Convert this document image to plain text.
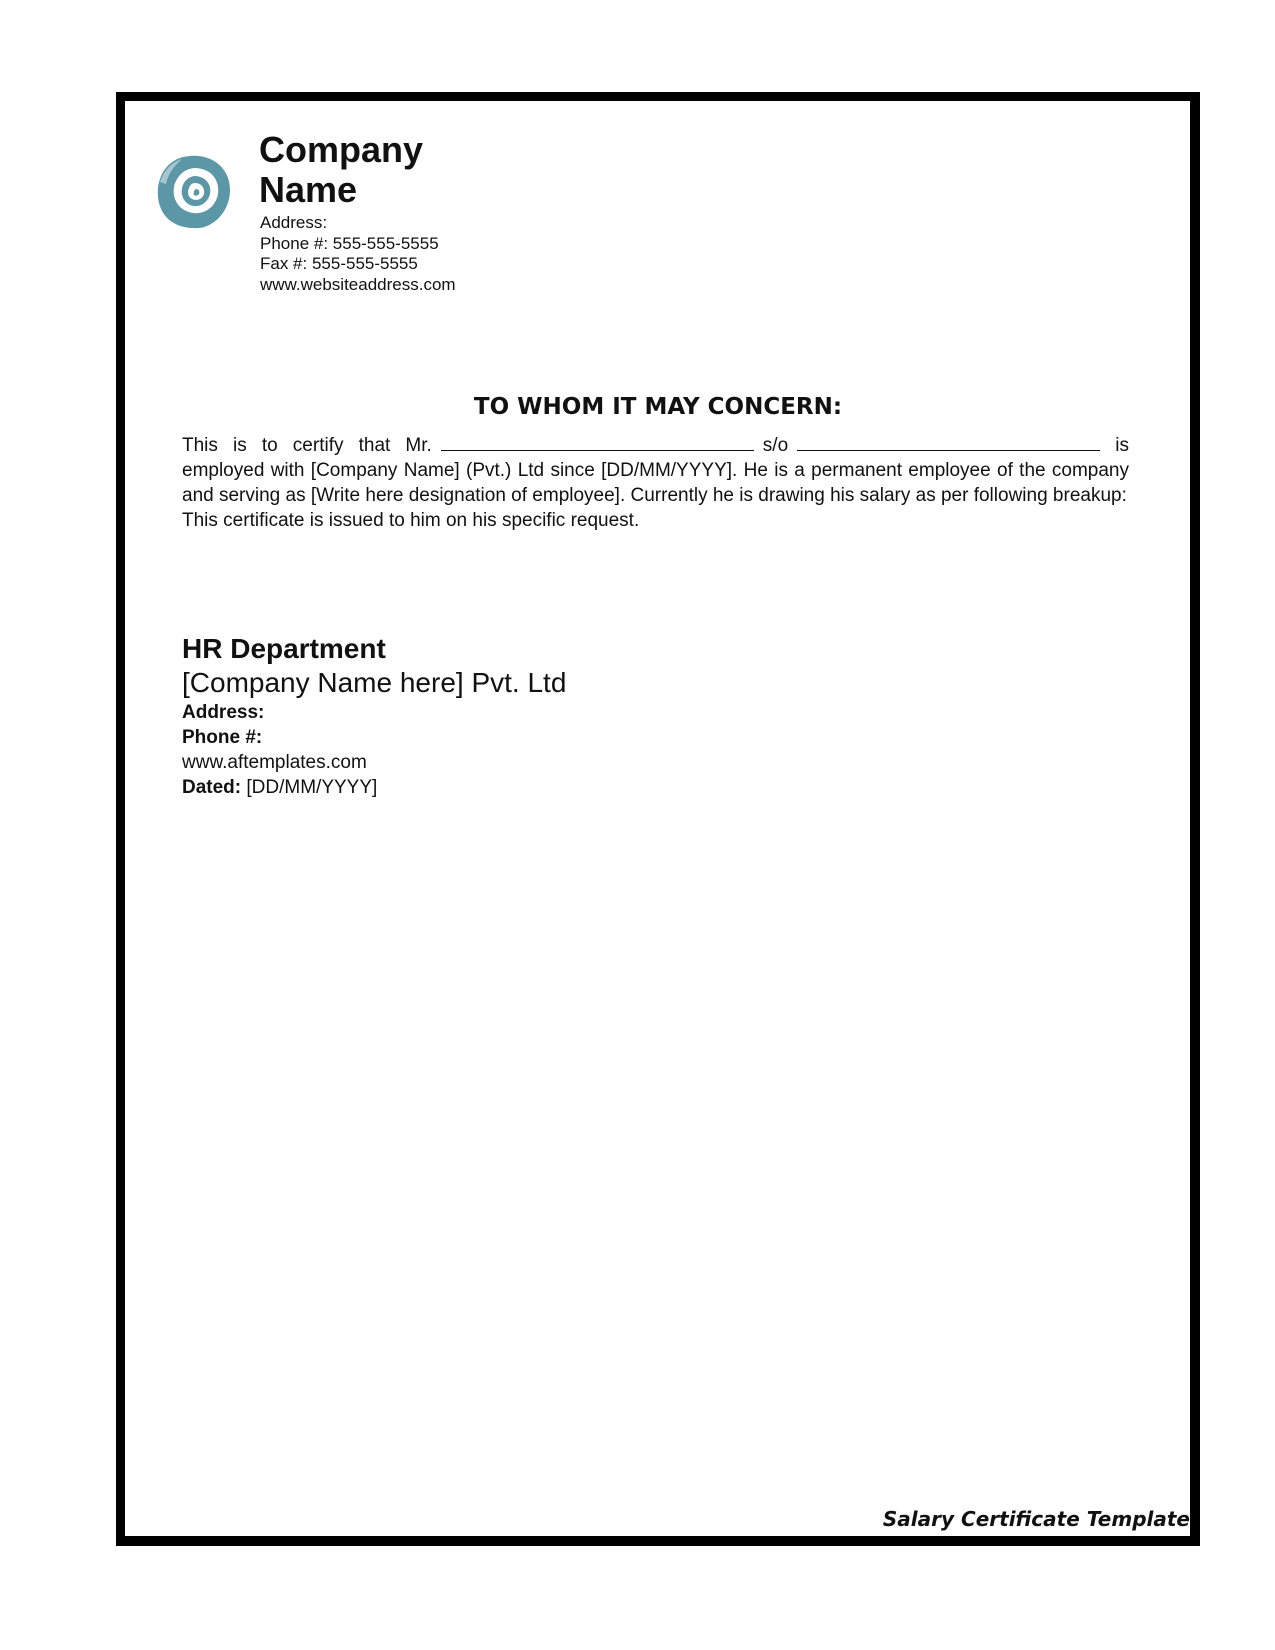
Company Name
Address:
Phone #: 555-555-5555
Fax #: 555-555-5555
www.websiteaddress.com
TO WHOM IT MAY CONCERN:
This is to certify that Mr.	s/o	is employed with [Company Name] (Pvt.) Ltd since [DD/MM/YYYY]. He is a permanent employee of the company and serving as [Write here designation of employee]. Currently he is drawing his salary as per following breakup:
This certificate is issued to him on his specific request.
HR Department
[Company Name here] Pvt. Ltd
Address:
Phone #:
www.aftemplates.com
Dated: [DD/MM/YYYY]
Salary Certificate Template
